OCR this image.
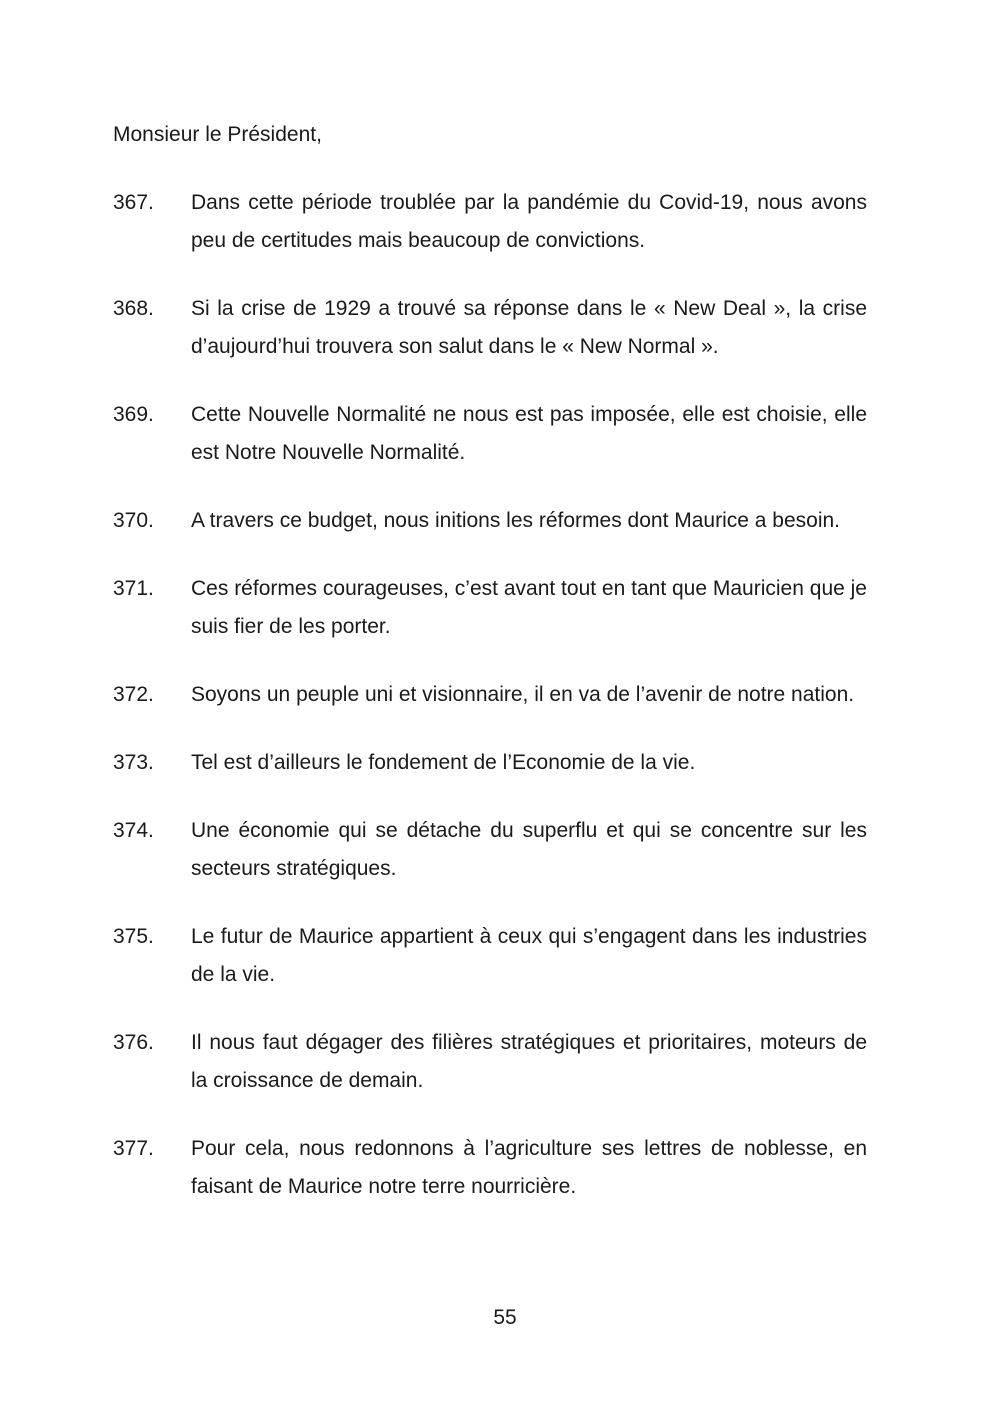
Monsieur le Président,

367.	Dans cette période troublée par la pandémie du Covid-19, nous avons peu de certitudes mais beaucoup de convictions.

368.	Si la crise de 1929 a trouvé sa réponse dans le « New Deal », la crise d’aujourd’hui trouvera son salut dans le « New Normal ».

369.	Cette Nouvelle Normalité ne nous est pas imposée, elle est choisie, elle est Notre Nouvelle Normalité.

370.	A travers ce budget, nous initions les réformes dont Maurice a besoin.

371.	Ces réformes courageuses, c’est avant tout en tant que Mauricien que je suis fier de les porter.

372.	Soyons un peuple uni et visionnaire, il en va de l’avenir de notre nation.

373.	Tel est d’ailleurs le fondement de l’Economie de la vie.

374.	Une économie qui se détache du superflu et qui se concentre sur les secteurs stratégiques.

375.	Le futur de Maurice appartient à ceux qui s’engagent dans les industries de la vie.

376.	Il nous faut dégager des filières stratégiques et prioritaires, moteurs de la croissance de demain.

377.	Pour cela, nous redonnons à l’agriculture ses lettres de noblesse, en faisant de Maurice notre terre nourricière.

55
